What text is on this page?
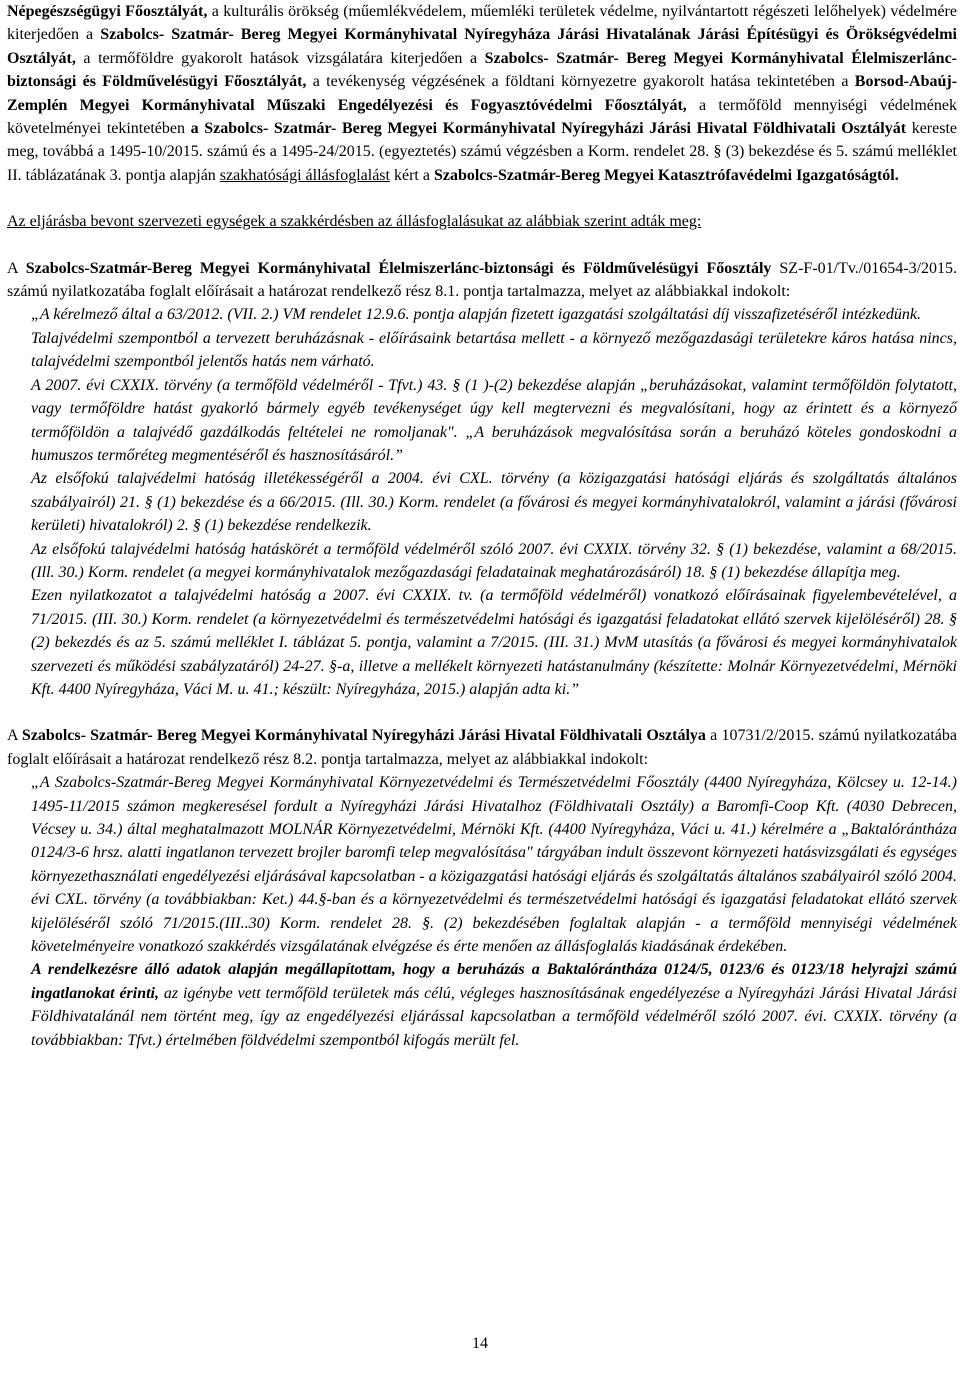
Népegészségügyi Főosztályát, a kulturális örökség (műemlékvédelem, műemléki területek védelme, nyilvántartott régészeti lelőhelyek) védelmére kiterjedően a Szabolcs- Szatmár- Bereg Megyei Kormányhivatal Nyíregyháza Járási Hivatalának Járási Építésügyi és Örökségvédelmi Osztályát, a termőföldre gyakorolt hatások vizsgálatára kiterjedően a Szabolcs- Szatmár- Bereg Megyei Kormányhivatal Élelmiszerlánc-biztonsági és Földművelésügyi Főosztályát, a tevékenység végzésének a földtani környezetre gyakorolt hatása tekintetében a Borsod-Abaúj-Zemplén Megyei Kormányhivatal Műszaki Engedélyezési és Fogyasztóvédelmi Főosztályát, a termőföld mennyiségi védelmének követelményei tekintetében a Szabolcs- Szatmár- Bereg Megyei Kormányhivatal Nyíregyházi Járási Hivatal Földhivatali Osztályát kereste meg, továbbá a 1495-10/2015. számú és a 1495-24/2015. (egyeztetés) számú végzésben a Korm. rendelet 28. § (3) bekezdése és 5. számú melléklet II. táblázatának 3. pontja alapján szakhatósági állásfoglalást kért a Szabolcs-Szatmár-Bereg Megyei Katasztrófavédelmi Igazgatóságtól.

Az eljárásba bevont szervezeti egységek a szakkérdésben az állásfoglalásukat az alábbiak szerint adták meg:

A Szabolcs-Szatmár-Bereg Megyei Kormányhivatal Élelmiszerlánc-biztonsági és Földművelésügyi Főosztály SZ-F-01/Tv./01654-3/2015. számú nyilatkozatába foglalt előírásait a határozat rendelkező rész 8.1. pontja tartalmazza, melyet az alábbiakkal indokolt:

„A kérelmező által a 63/2012. (VII. 2.) VM rendelet 12.9.6. pontja alapján fizetett igazgatási szolgáltatási díj visszafizetéséről intézkedünk.

Talajvédelmi szempontból a tervezett beruházásnak - előírásaink betartása mellett - a környező mezőgazdasági területekre káros hatása nincs, talajvédelmi szempontból jelentős hatás nem várható.

A 2007. évi CXXIX. törvény (a termőföld védelméről - Tfvt.) 43. § (1 )-(2) bekezdése alapján „beruházásokat, valamint termőföldön folytatott, vagy termőföldre hatást gyakorló bármely egyéb tevékenységet úgy kell megtervezni és megvalósítani, hogy az érintett és a környező termőföldön a talajvédő gazdálkodás feltételei ne romoljanak". „A beruházások megvalósítása során a beruházó köteles gondoskodni a humuszos termőréteg megmentéséről és hasznosításáról.”

Az elsőfokú talajvédelmi hatóság illetékességéről a 2004. évi CXL. törvény (a közigazgatási hatósági eljárás és szolgáltatás általános szabályairól) 21. § (1) bekezdése és a 66/2015. (Ill. 30.) Korm. rendelet (a fővárosi és megyei kormányhivatalokról, valamint a járási (fővárosi kerületi) hivatalokról) 2. § (1) bekezdése rendelkezik.

Az elsőfokú talajvédelmi hatóság hatáskörét a termőföld védelméről szóló 2007. évi CXXIX. törvény 32. § (1) bekezdése, valamint a 68/2015. (Ill. 30.) Korm. rendelet (a megyei kormányhivatalok mezőgazdasági feladatainak meghatározásáról) 18. § (1) bekezdése állapítja meg.

Ezen nyilatkozatot a talajvédelmi hatóság a 2007. évi CXXIX. tv. (a termőföld védelméről) vonatkozó előírásainak figyelembevételével, a 71/2015. (III. 30.) Korm. rendelet (a környezetvédelmi és természetvédelmi hatósági és igazgatási feladatokat ellátó szervek kijelöléséről) 28. § (2) bekezdés és az 5. számú melléklet I. táblázat 5. pontja, valamint a 7/2015. (III. 31.) MvM utasítás (a fővárosi és megyei kormányhivatalok szervezeti és működési szabályzatáról) 24-27. §-a, illetve a mellékelt környezeti hatástanulmány (készítette: Molnár Környezetvédelmi, Mérnöki Kft. 4400 Nyíregyháza, Váci M. u. 41.; készült: Nyíregyháza, 2015.) alapján adta ki.”

A Szabolcs- Szatmár- Bereg Megyei Kormányhivatal Nyíregyházi Járási Hivatal Földhivatali Osztálya a 10731/2/2015. számú nyilatkozatába foglalt előírásait a határozat rendelkező rész 8.2. pontja tartalmazza, melyet az alábbiakkal indokolt:

„A Szabolcs-Szatmár-Bereg Megyei Kormányhivatal Környezetvédelmi és Természetvédelmi Főosztály (4400 Nyíregyháza, Kölcsey u. 12-14.) 1495-11/2015 számon megkeresésel fordult a Nyíregyházi Járási Hivatalhoz (Földhivatali Osztály) a Baromfi-Coop Kft. (4030 Debrecen, Vécsey u. 34.) által meghatalmazott MOLNÁR Környezetvédelmi, Mérnöki Kft. (4400 Nyíregyháza, Váci u. 41.) kérelmére a „Baktalórántháza 0124/3-6 hrsz. alatti ingatlanon tervezett brojler baromfi telep megvalósítása" tárgyában indult összevont környezeti hatásvizsgálati és egységes környezethasználati engedélyezési eljárásával kapcsolatban - a közigazgatási hatósági eljárás és szolgáltatás általános szabályairól szóló 2004. évi CXL. törvény (a továbbiakban: Ket.) 44.§-ban és a környezetvédelmi és természetvédelmi hatósági és igazgatási feladatokat ellátó szervek kijelöléséről szóló 71/2015.(III..30) Korm. rendelet 28. §. (2) bekezdésében foglaltak alapján - a termőföld mennyiségi védelmének követelményeire vonatkozó szakkérdés vizsgálatának elvégzése és érte menően az állásfoglalás kiadásának érdekében.

A rendelkezésre álló adatok alapján megállapítottam, hogy a beruházás a Baktalórántháza 0124/5, 0123/6 és 0123/18 helyrajzi számú ingatlanokat érinti, az igénybe vett termőföld területek más célú, végleges hasznosításának engedélyezése a Nyíregyházi Járási Hivatal Járási Földhivatalánál nem történt meg, így az engedélyezési eljárással kapcsolatban a termőföld védelméről szóló 2007. évi. CXXIX. törvény (a továbbiakban: Tfvt.) értelmében földvédelmi szempontból kifogás merült fel.

14
